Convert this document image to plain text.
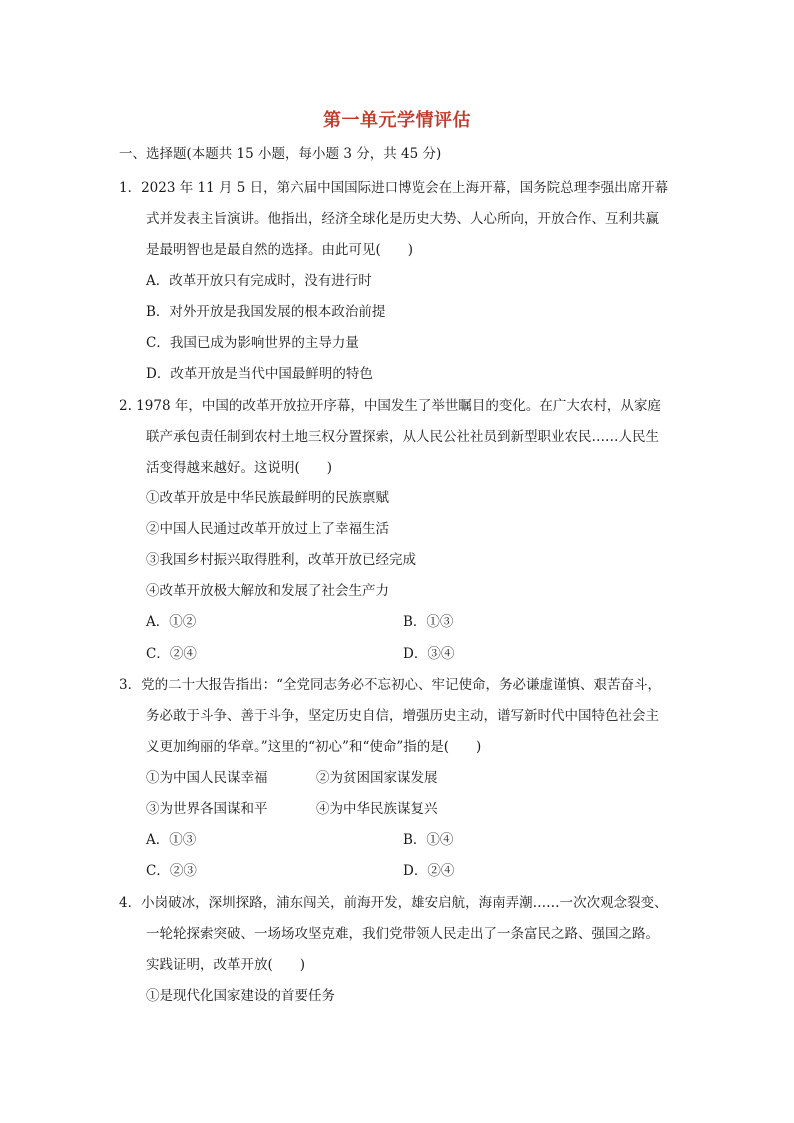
第一单元学情评估
一、选择题(本题共 15 小题，每小题 3 分，共 45 分)
1．2023 年 11 月 5 日，第六届中国国际进口博览会在上海开幕，国务院总理李强出席开幕
式并发表主旨演讲。他指出，经济全球化是历史大势、人心所向，开放合作、互利共赢
是最明智也是最自然的选择。由此可见(　　)
A．改革开放只有完成时，没有进行时
B．对外开放是我国发展的根本政治前提
C．我国已成为影响世界的主导力量
D．改革开放是当代中国最鲜明的特色
2. 1978 年，中国的改革开放拉开序幕，中国发生了举世瞩目的变化。在广大农村，从家庭
联产承包责任制到农村土地三权分置探索，从人民公社社员到新型职业农民……人民生
活变得越来越好。这说明(　　)
①改革开放是中华民族最鲜明的民族禀赋
②中国人民通过改革开放过上了幸福生活
③我国乡村振兴取得胜利，改革开放已经完成
④改革开放极大解放和发展了社会生产力
A．①②	B．①③
C．②④	D．③④
3．党的二十大报告指出：“全党同志务必不忘初心、牢记使命，务必谦虚谨慎、艰苦奋斗，
务必敢于斗争、善于斗争，坚定历史自信，增强历史主动，谱写新时代中国特色社会主
义更加绚丽的华章。”这里的“初心”和“使命”指的是(　　)
①为中国人民谋幸福	②为贫困国家谋发展
③为世界各国谋和平	④为中华民族谋复兴
A．①③	B．①④
C．②③	D．②④
4．小岗破冰，深圳探路，浦东闯关，前海开发，雄安启航，海南弄潮……一次次观念裂变、
一轮轮探索突破、一场场攻坚克难，我们党带领人民走出了一条富民之路、强国之路。
实践证明，改革开放(　　)
①是现代化国家建设的首要任务
